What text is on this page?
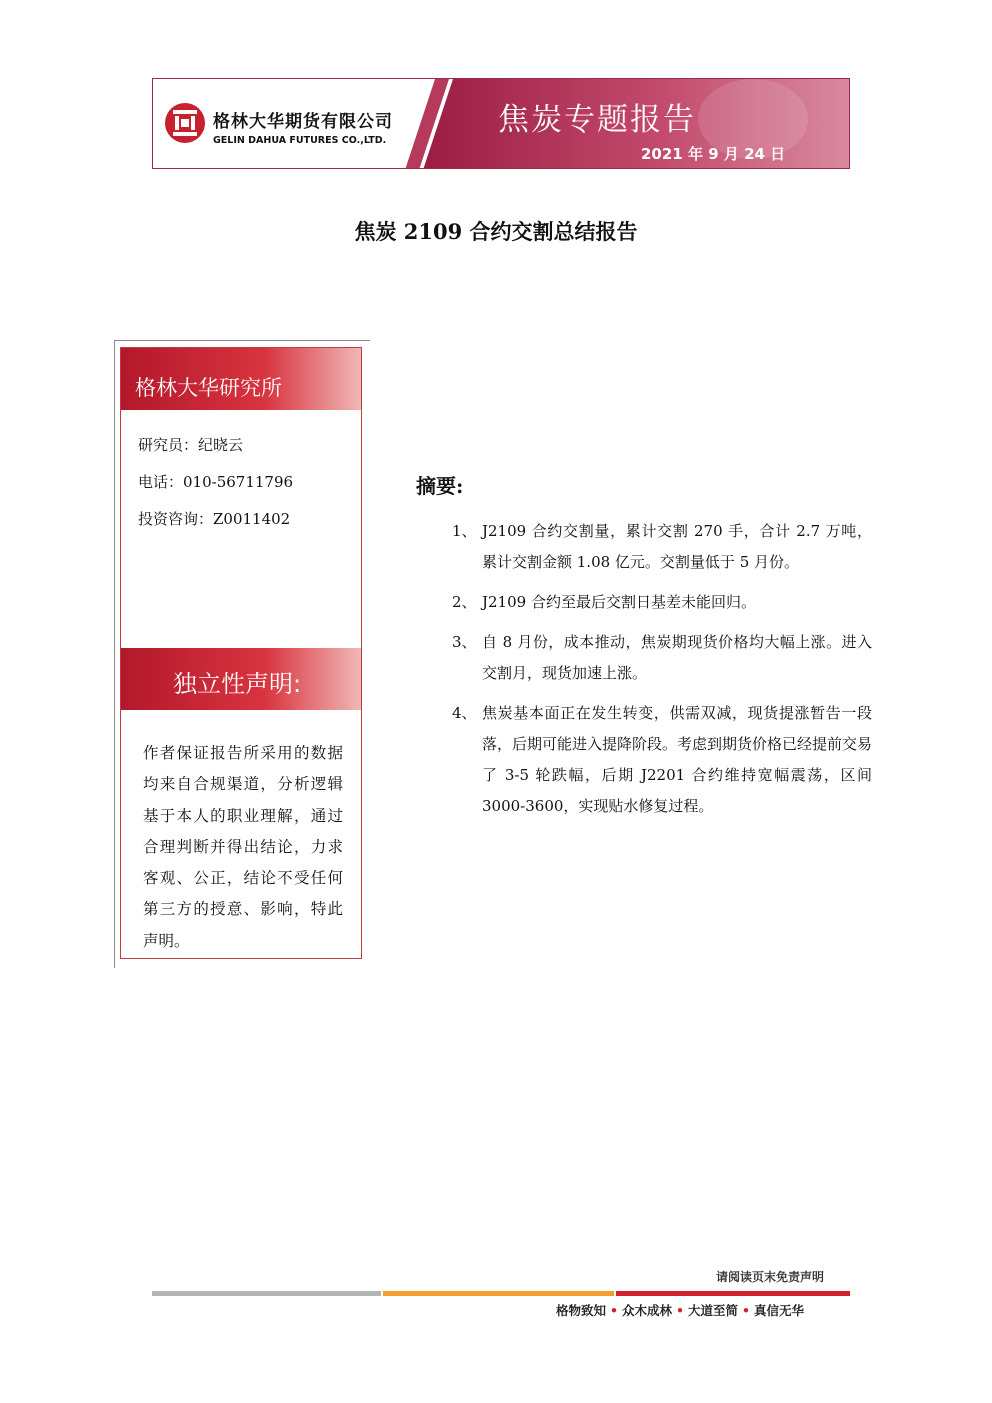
格林大华期货有限公司
GELIN DAHUA FUTURES CO.,LTD.
焦炭专题报告
2021 年 9 月 24 日
焦炭 2109 合约交割总结报告
格林大华研究所
研究员：纪晓云
电话：010-56711796
投资咨询：Z0011402
独立性声明:
作者保证报告所采用的数据均来自合规渠道，分析逻辑基于本人的职业理解，通过合理判断并得出结论，力求客观、公正，结论不受任何第三方的授意、影响，特此声明。
摘要:
1、 J2109 合约交割量，累计交割 270 手，合计 2.7 万吨，累计交割金额 1.08 亿元。交割量低于 5 月份。
2、 J2109 合约至最后交割日基差未能回归。
3、 自 8 月份，成本推动，焦炭期现货价格均大幅上涨。进入交割月，现货加速上涨。
4、 焦炭基本面正在发生转变，供需双减，现货提涨暂告一段落，后期可能进入提降阶段。考虑到期货价格已经提前交易了 3-5 轮跌幅，后期 J2201 合约维持宽幅震荡，区间 3000-3600，实现贴水修复过程。
请阅读页末免责声明
格物致知 • 众木成林 • 大道至简 • 真信无华
